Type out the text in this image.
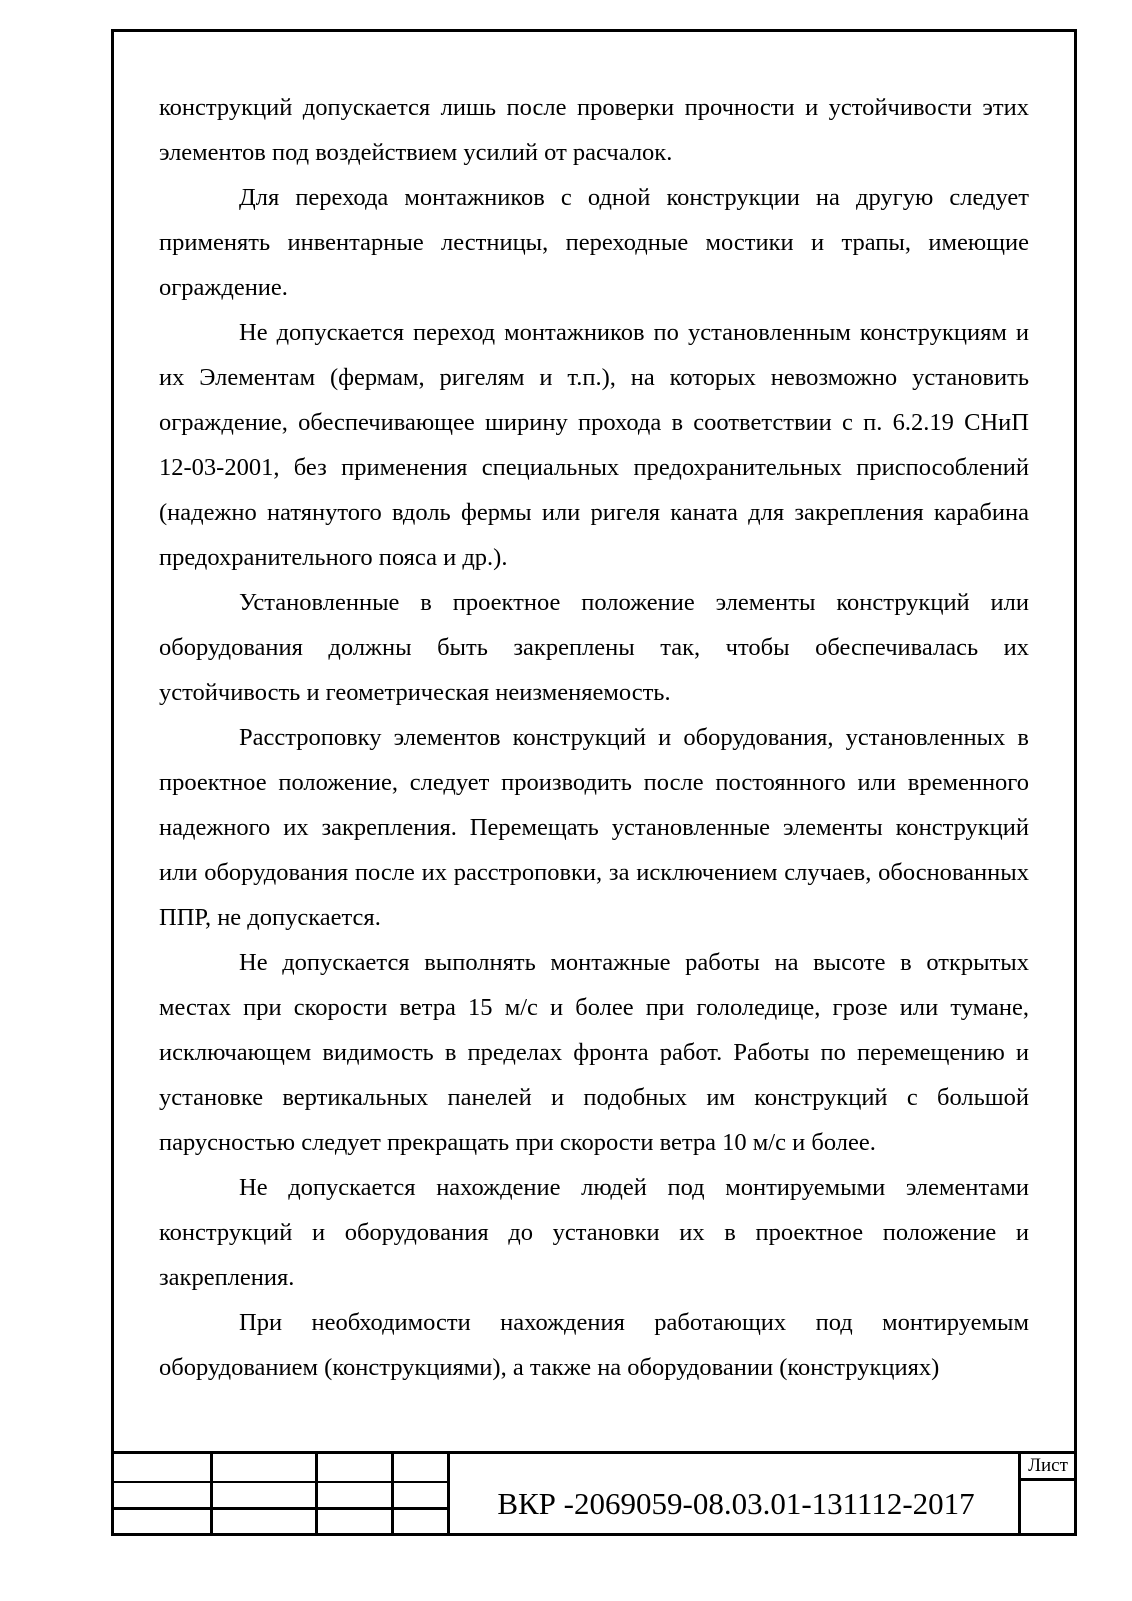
конструкций допускается лишь после проверки прочности и устойчивости этих элементов под воздействием усилий от расчалок.

Для перехода монтажников с одной конструкции на другую следует применять инвентарные лестницы, переходные мостики и трапы, имеющие ограждение.

Не допускается переход монтажников по установленным конструкциям и их Элементам (фермам, ригелям и т.п.), на которых невозможно установить ограждение, обеспечивающее ширину прохода в соответствии с п. 6.2.19 СНиП 12-03-2001, без применения специальных предохранительных приспособлений (надежно натянутого вдоль фермы или ригеля каната для закрепления карабина предохранительного пояса и др.).

Установленные в проектное положение элементы конструкций или оборудования должны быть закреплены так, чтобы обеспечивалась их устойчивость и геометрическая неизменяемость.

Расстроповку элементов конструкций и оборудования, установленных в проектное положение, следует производить после постоянного или временного надежного их закрепления. Перемещать установленные элементы конструкций или оборудования после их расстроповки, за исключением случаев, обоснованных ППР, не допускается.

Не допускается выполнять монтажные работы на высоте в открытых местах при скорости ветра 15 м/с и более при гололедице, грозе или тумане, исключающем видимость в пределах фронта работ. Работы по перемещению и установке вертикальных панелей и подобных им конструкций с большой парусностью следует прекращать при скорости ветра 10 м/с и более.

Не допускается нахождение людей под монтируемыми элементами конструкций и оборудования до установки их в проектное положение и закрепления.

При необходимости нахождения работающих под монтируемым оборудованием (конструкциями), а также на оборудовании (конструкциях)

ВКР -2069059-08.03.01-131112-2017
Лист
